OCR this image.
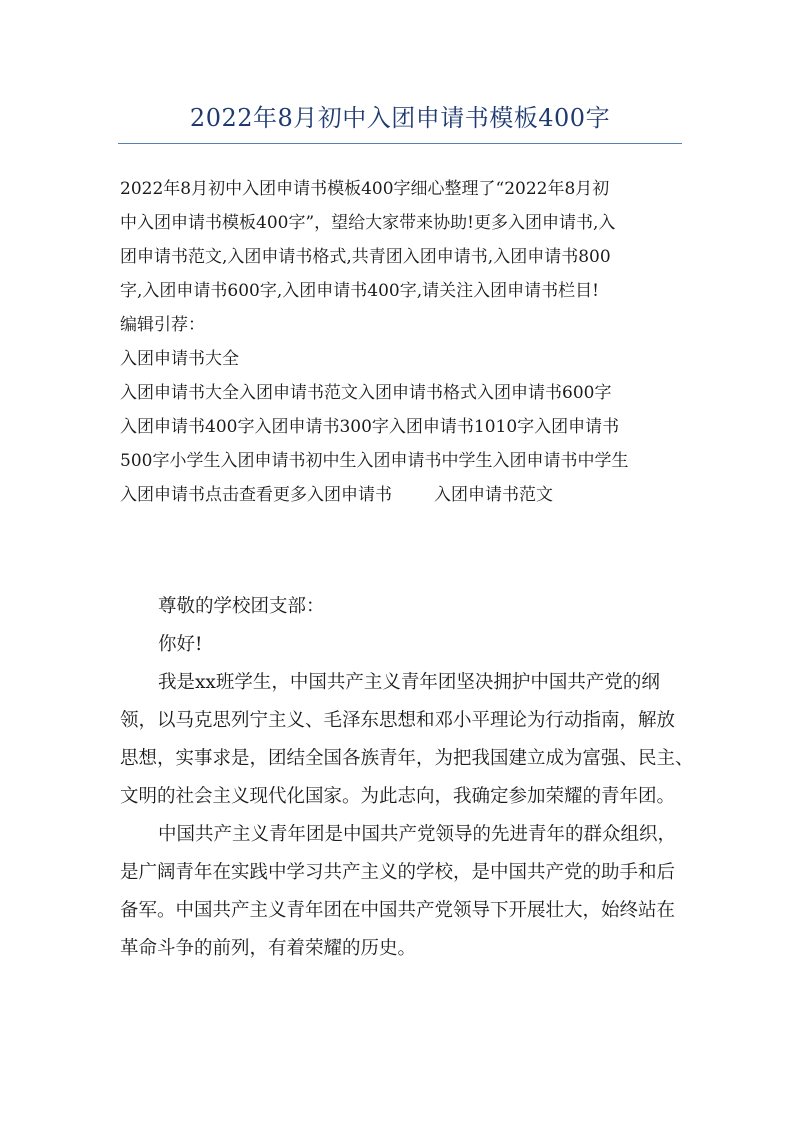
2022年8月初中入团申请书模板400字
2022年8月初中入团申请书模板400字细心整理了“2022年8月初
中入团申请书模板400字”，望给大家带来协助!更多入团申请书,入
团申请书范文,入团申请书格式,共青团入团申请书,入团申请书800
字,入团申请书600字,入团申请书400字,请关注入团申请书栏目!
编辑引荐：
入团申请书大全
入团申请书大全入团申请书范文入团申请书格式入团申请书600字
入团申请书400字入团申请书300字入团申请书1010字入团申请书
500字小学生入团申请书初中生入团申请书中学生入团申请书中学生
入团申请书点击查看更多入团申请书 入团申请书范文
尊敬的学校团支部：
你好!
我是xx班学生，中国共产主义青年团坚决拥护中国共产党的纲
领，以马克思列宁主义、毛泽东思想和邓小平理论为行动指南，解放
思想，实事求是，团结全国各族青年，为把我国建立成为富强、民主、
文明的社会主义现代化国家。为此志向，我确定参加荣耀的青年团。
中国共产主义青年团是中国共产党领导的先进青年的群众组织，
是广阔青年在实践中学习共产主义的学校，是中国共产党的助手和后
备军。中国共产主义青年团在中国共产党领导下开展壮大，始终站在
革命斗争的前列，有着荣耀的历史。
